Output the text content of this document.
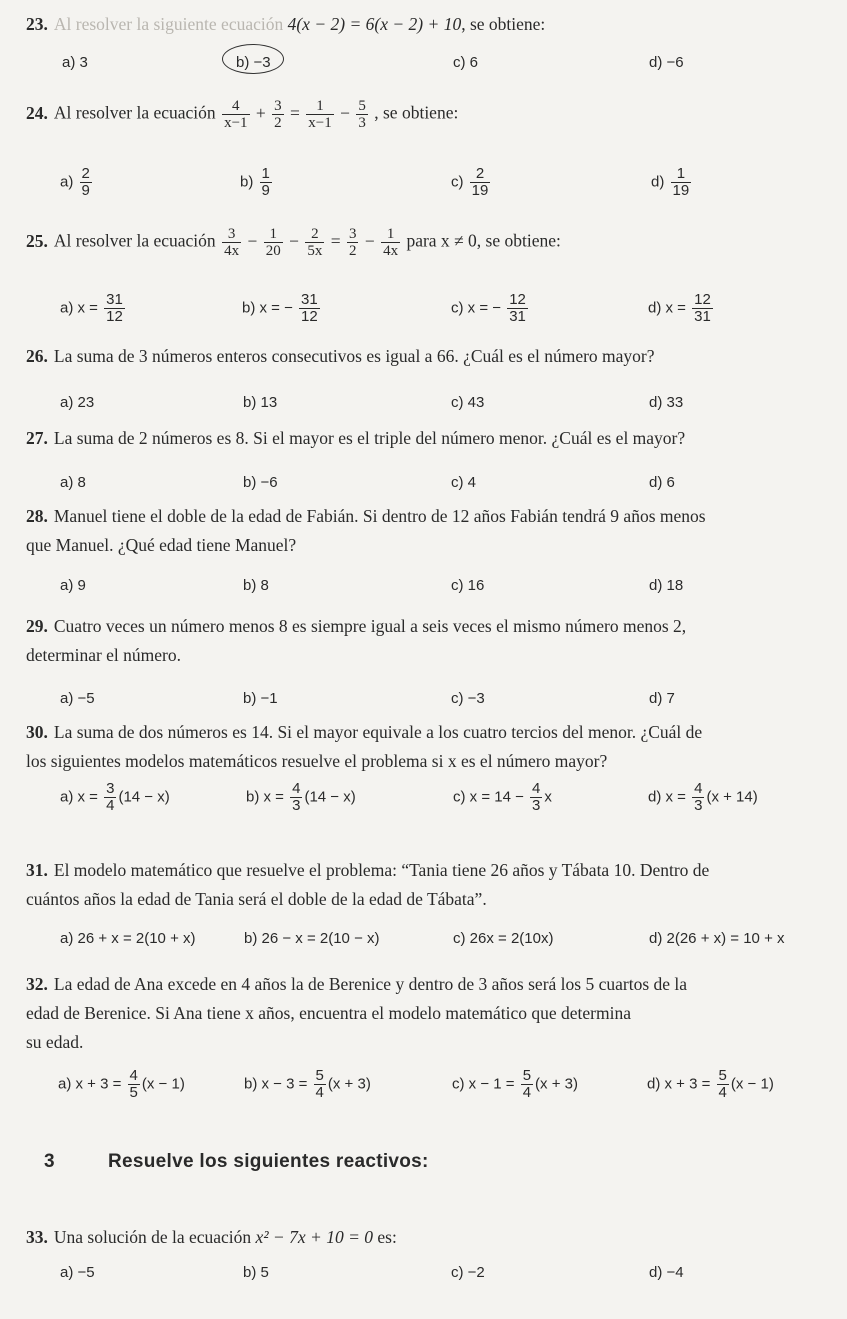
23. Al resolver la siguiente ecuación 4(x − 2) = 6(x − 2) + 10, se obtiene:
a) 3	b) −3	c) 6	d) −6
24. Al resolver la ecuación $\frac{4}{x-1} + \frac{3}{2} = \frac{1}{x-1} - \frac{5}{3}$ , se obtiene:
$a) \frac{2}{9}$	$b) \frac{1}{9}$	$c) \frac{2}{19}$	$d) \frac{1}{19}$
25. Al resolver la ecuación $\frac{3}{4x} - \frac{1}{20} - \frac{2}{5x} = \frac{3}{2} - \frac{1}{4x}$ para x ≠ 0, se obtiene:
a) $x = \frac{31}{12}$	b) x = − $\frac{31}{12}$	c) x = − $\frac{12}{31}$	d) $x = \frac{12}{31}$
26. La suma de 3 números enteros consecutivos es igual a 66. ¿Cuál es el número mayor?
a) 23	b) 13	c) 43	d) 33
27. La suma de 2 números es 8. Si el mayor es el triple del número menor. ¿Cuál es el mayor?
a) 8	b) −6	c) 4	d) 6
28. Manuel tiene el doble de la edad de Fabián. Si dentro de 12 años Fabián tendrá 9 años menos
que Manuel. ¿Qué edad tiene Manuel?
a) 9	b) 8	c) 16	d) 18
29. Cuatro veces un número menos 8 es siempre igual a seis veces el mismo número menos 2,
determinar el número.
a) −5	b) −1	c) −3	d) 7
30. La suma de dos números es 14. Si el mayor equivale a los cuatro tercios del menor. ¿Cuál de
los siguientes modelos matemáticos resuelve el problema si x es el número mayor?
a) $x = \frac{3}{4} (14 - x)$	b) $x = \frac{4}{3} (14 - x)$	c) $x = 14 - \frac{4}{3}$ x	d) $x = \frac{4}{3} (x + 14)$
31. El modelo matemático que resuelve el problema: “Tania tiene 26 años y Tábata 10. Dentro de
cuántos años la edad de Tania será el doble de la edad de Tábata”.
a) 26 + x = 2(10 + x)	b) 26 − x = 2(10 − x)	c) 26x = 2(10x)	d) 2(26 + x) = 10 + x
32. La edad de Ana excede en 4 años la de Berenice y dentro de 3 años será los 5 cuartos de la
edad de Berenice. Si Ana tiene x años, encuentra el modelo matemático que determina
su edad.
a) $x + 3 = \frac{4}{5} (x - 1)$	b) $x - 3 = \frac{5}{4} (x + 3)$	c) $x - 1 = \frac{5}{4} (x + 3)$	d) $x + 3 = \frac{5}{4} (x - 1)$
3	Resuelve los siguientes reactivos:
33. Una solución de la ecuación x² − 7x + 10 = 0 es:
a) −5	b) 5	c) −2	d) −4
